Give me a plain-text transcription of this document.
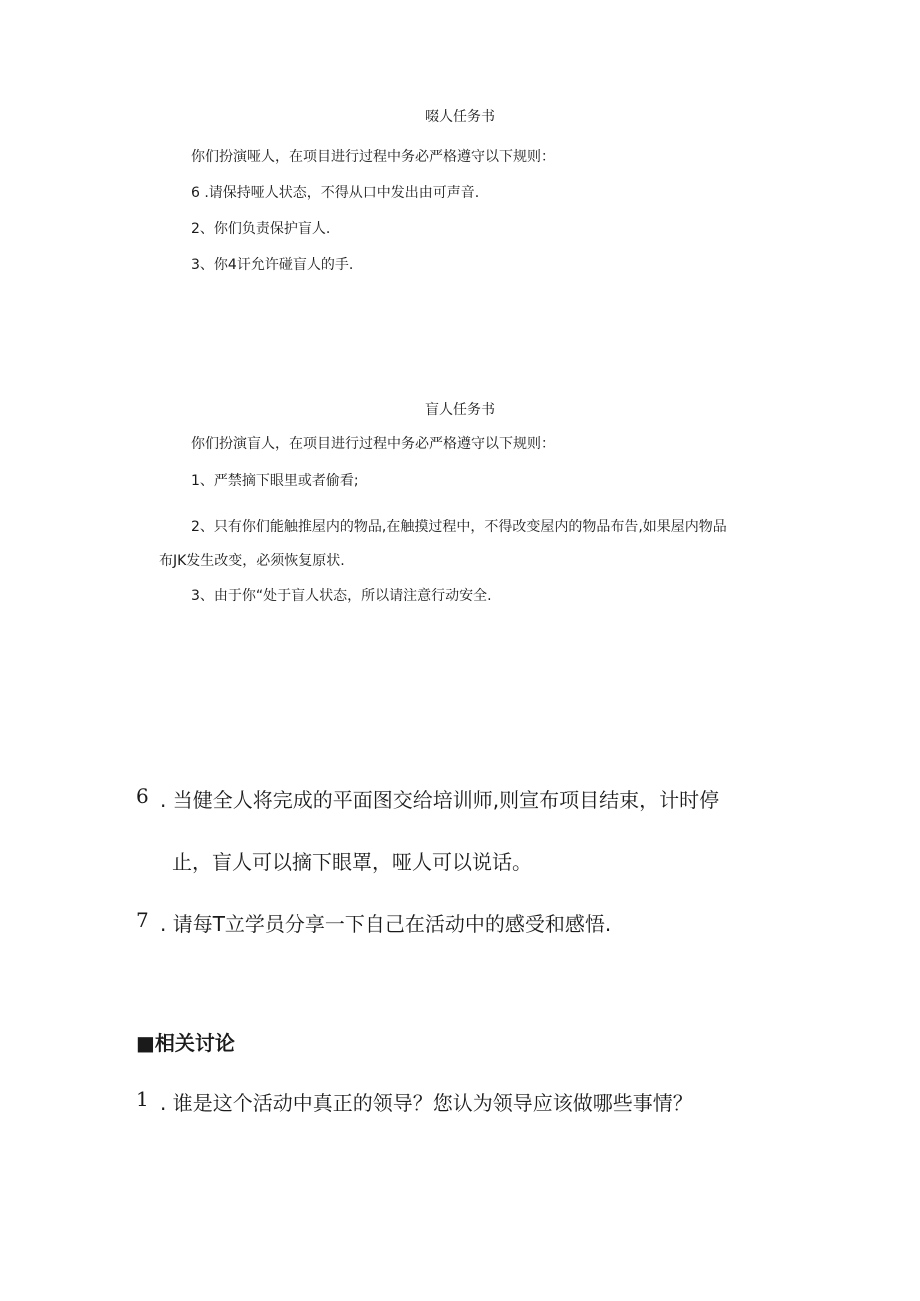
啜人任务书

你们扮演哑人，在项目进行过程中务必严格遵守以下规则：

6 .请保持哑人状态，不得从口中发出由可声音.

2、你们负责保护盲人.

3、你4讦允许碰盲人的手.

盲人任务书

你们扮演盲人，在项目进行过程中务必严格遵守以下规则：

1、严禁摘下眼里或者偷看;

2、只有你们能触推屋内的物品,在触摸过程中，不得改变屋内的物品布告,如果屋内物品

布JK发生改变，必须恢复原状.

3、由于你“处于盲人状态，所以请注意行动安全.

6 . 当健全人将完成的平面图交给培训师,则宣布项目结束，计时停

止，盲人可以摘下眼罩，哑人可以说话。

7 . 请每T立学员分享一下自己在活动中的感受和感悟.

■相关讨论

1 . 谁是这个活动中真正的领导？您认为领导应该做哪些事情？
